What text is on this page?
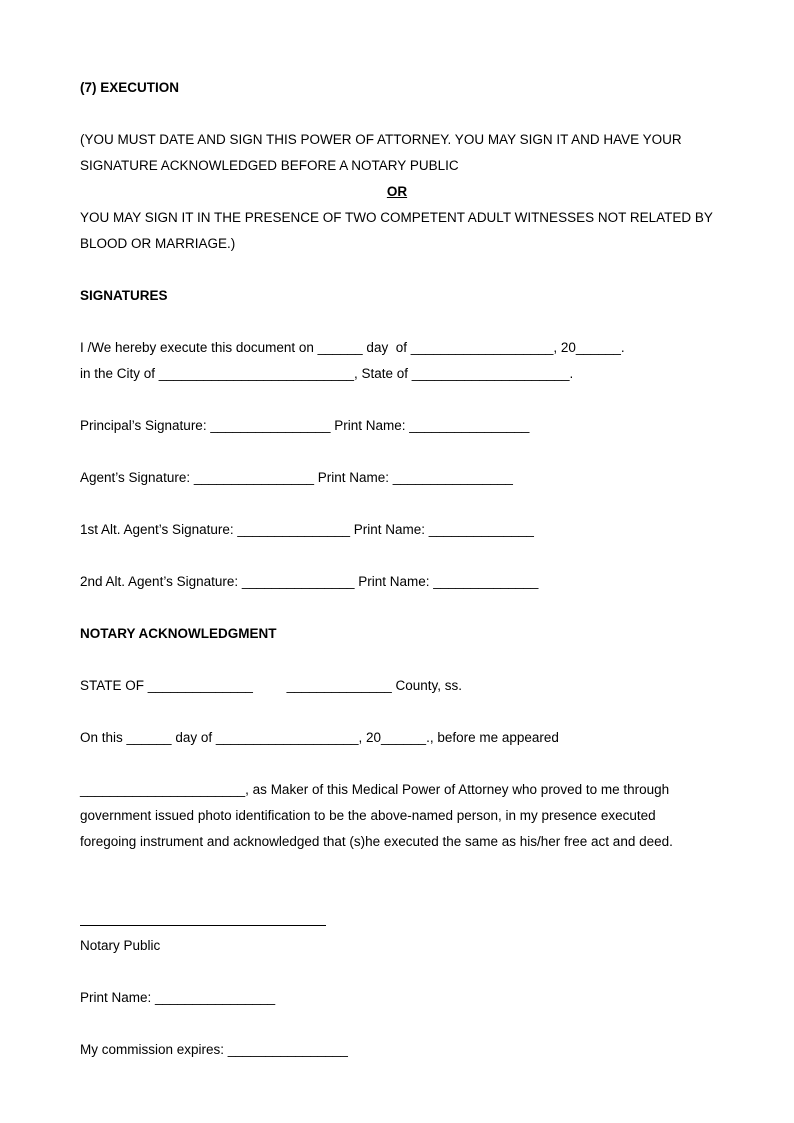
(7) EXECUTION
(YOU MUST DATE AND SIGN THIS POWER OF ATTORNEY. YOU MAY SIGN IT AND HAVE YOUR
SIGNATURE ACKNOWLEDGED BEFORE A NOTARY PUBLIC
OR
YOU MAY SIGN IT IN THE PRESENCE OF TWO COMPETENT ADULT WITNESSES NOT RELATED BY
BLOOD OR MARRIAGE.)
SIGNATURES
I /We hereby execute this document on ______ day  of ___________________, 20______.
in the City of __________________________, State of _____________________.
Principal’s Signature: ________________ Print Name: ________________
Agent’s Signature: ________________ Print Name: ________________
1st Alt. Agent’s Signature: _______________ Print Name: ______________
2nd Alt. Agent’s Signature: _______________ Print Name: ______________
NOTARY ACKNOWLEDGMENT
STATE OF ______________         ______________ County, ss.
On this ______ day of ___________________, 20______., before me appeared
______________________, as Maker of this Medical Power of Attorney who proved to me through
government issued photo identification to be the above-named person, in my presence executed
foregoing instrument and acknowledged that (s)he executed the same as his/her free act and deed.
Notary Public
Print Name: ________________
My commission expires: ________________
